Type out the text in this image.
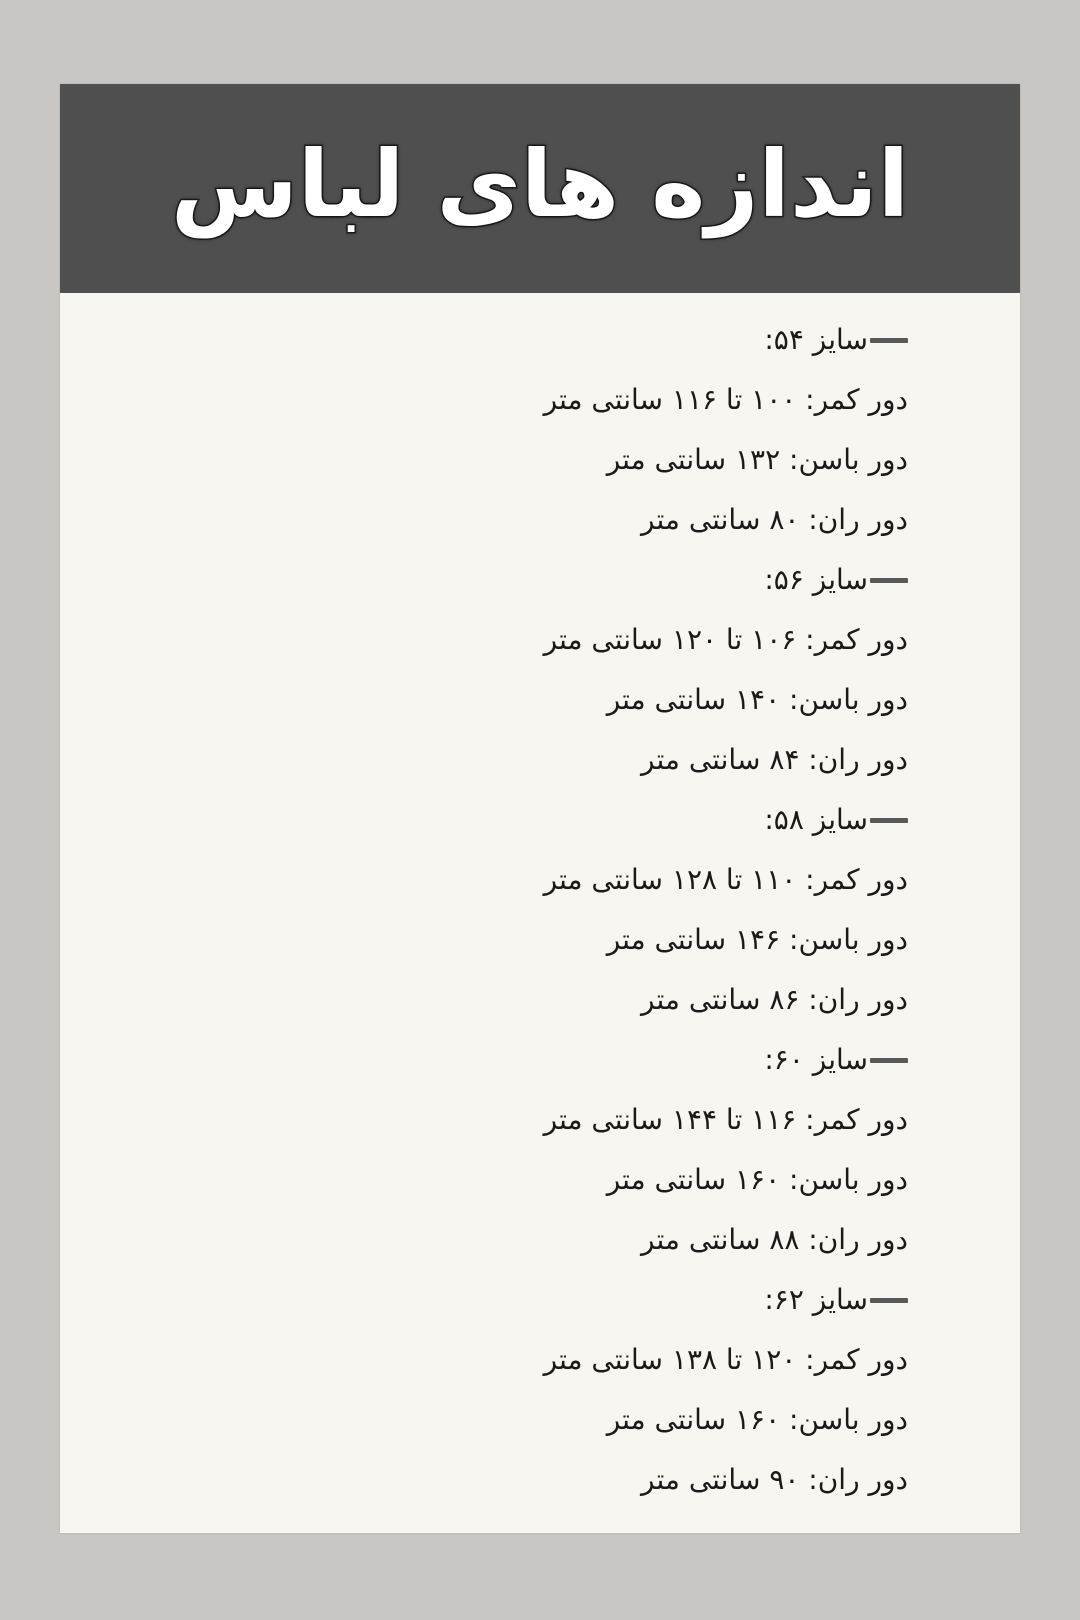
اندازه های لباس
سایز ۵۴:
دور کمر: ۱۰۰ تا ۱۱۶ سانتی متر
دور باسن: ۱۳۲ سانتی متر
دور ران: ۸۰ سانتی متر
سایز ۵۶:
دور کمر: ۱۰۶ تا ۱۲۰ سانتی متر
دور باسن: ۱۴۰ سانتی متر
دور ران: ۸۴ سانتی متر
سایز ۵۸:
دور کمر: ۱۱۰ تا ۱۲۸ سانتی متر
دور باسن: ۱۴۶ سانتی متر
دور ران: ۸۶ سانتی متر
سایز ۶۰:
دور کمر: ۱۱۶ تا ۱۴۴ سانتی متر
دور باسن: ۱۶۰ سانتی متر
دور ران: ۸۸ سانتی متر
سایز ۶۲:
دور کمر: ۱۲۰ تا ۱۳۸ سانتی متر
دور باسن: ۱۶۰ سانتی متر
دور ران: ۹۰ سانتی متر
